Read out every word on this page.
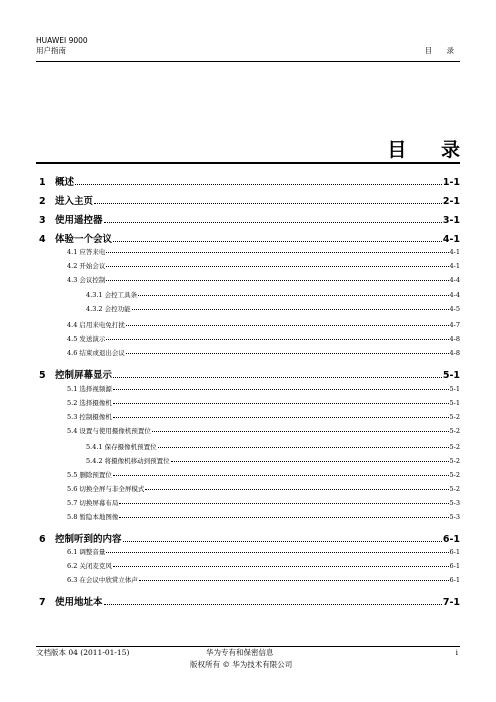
HUAWEI 9000
用户指南	目 录
目 录
1 概述	1-1
2 进入主页	2-1
3 使用遥控器	3-1
4 体验一个会议	4-1
4.1 应答来电	4-1
4.2 开始会议	4-1
4.3 会议控制	4-4
4.3.1 会控工具条	4-4
4.3.2 会控功能	4-5
4.4 启用来电免打扰	4-7
4.5 发送演示	4-8
4.6 结束或退出会议	4-8
5 控制屏幕显示	5-1
5.1 选择视频源	5-1
5.2 选择摄像机	5-1
5.3 控制摄像机	5-2
5.4 设置与使用摄像机预置位	5-2
5.4.1 保存摄像机预置位	5-2
5.4.2 将摄像机移动到预置位	5-2
5.5 删除预置位	5-2
5.6 切换全屏与非全屏模式	5-2
5.7 切换屏幕布局	5-3
5.8 暂隐本地图像	5-3
6 控制听到的内容	6-1
6.1 调整音量	6-1
6.2 关闭麦克风	6-1
6.3 在会议中欣赏立体声	6-1
7 使用地址本	7-1
文档版本 04 (2011-01-15)	华为专有和保密信息
版权所有 © 华为技术有限公司
i
